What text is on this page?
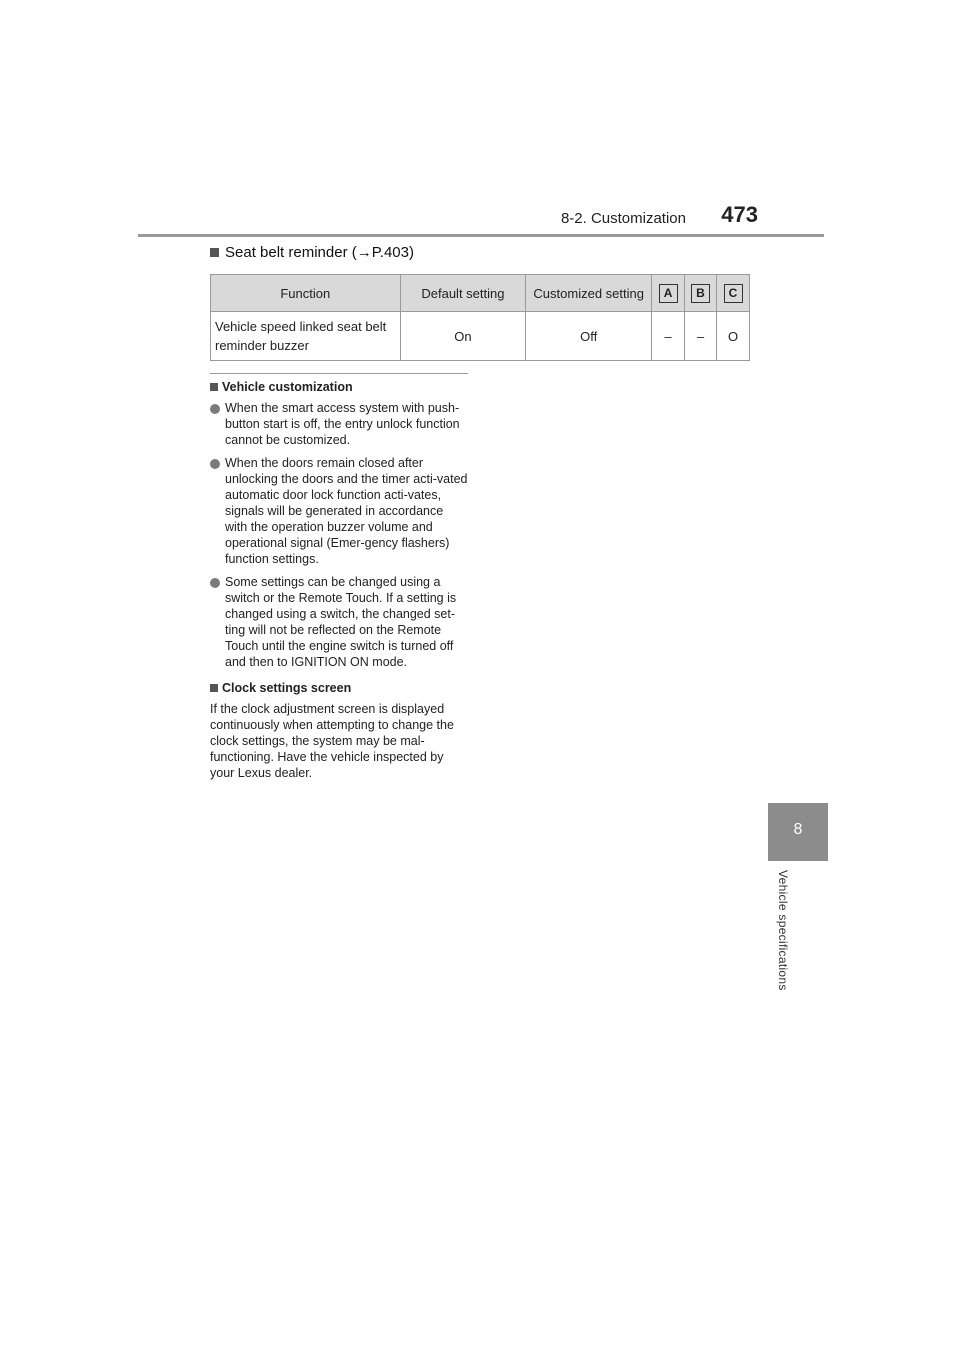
8-2. Customization 473
8
Vehicle specifications
Seat belt reminder (→P.403)
Function	Default setting	Customized setting	A	B	C
Vehicle speed linked seat belt reminder buzzer	On	Off	–	–	O
Vehicle customization
When the smart access system with push-button start is off, the entry unlock function cannot be customized.
When the doors remain closed after unlocking the doors and the timer acti-vated automatic door lock function acti-vates, signals will be generated in accordance with the operation buzzer volume and operational signal (Emer-gency flashers) function settings.
Some settings can be changed using a switch or the Remote Touch. If a setting is changed using a switch, the changed set-ting will not be reflected on the Remote Touch until the engine switch is turned off and then to IGNITION ON mode.
Clock settings screen
If the clock adjustment screen is displayed continuously when attempting to change the clock settings, the system may be mal-functioning. Have the vehicle inspected by your Lexus dealer.
